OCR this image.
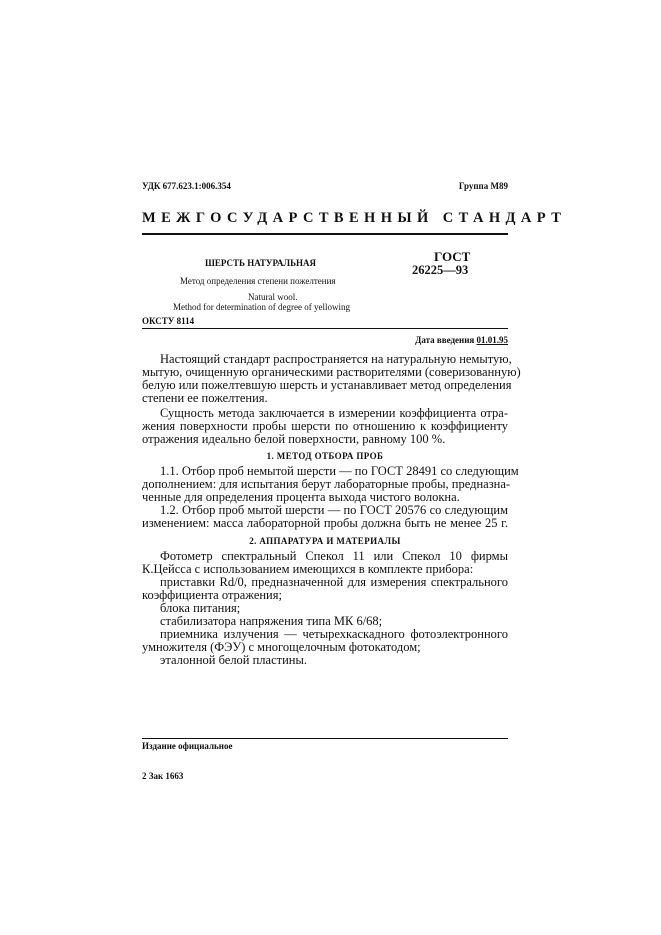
УДК 677.623.1:006.354	Группа М89
МЕЖГОСУДАРСТВЕННЫЙ СТАНДАРТ
ШЕРСТЬ НАТУРАЛЬНАЯ
Метод определения степени пожелтения
Natural wool.
Method for determination of degree of yellowing
ОКСТУ 8114
ГОСТ
26225—93
Дата введения 01.01.95
Настоящий стандарт распространяется на натуральную немытую,
мытую, очищенную органическими растворителями (соверизованную)
белую или пожелтевшую шерсть и устанавливает метод определения
степени ее пожелтения.
Сущность метода заключается в измерении коэффициента отра-
жения поверхности пробы шерсти по отношению к коэффициенту
отражения идеально белой поверхности, равному 100 %.
1. МЕТОД ОТБОРА ПРОБ
1.1. Отбор проб немытой шерсти — по ГОСТ 28491 со следующим
дополнением: для испытания берут лабораторные пробы, предназна-
ченные для определения процента выхода чистого волокна.
1.2. Отбор проб мытой шерсти — по ГОСТ 20576 со следующим
изменением: масса лабораторной пробы должна быть не менее 25 г.
2. АППАРАТУРА И МАТЕРИАЛЫ
Фотометр спектральный Спекол 11 или Спекол 10 фирмы
К.Цейсса с использованием имеющихся в комплекте прибора:
приставки Rd/0, предназначенной для измерения спектрального
коэффициента отражения;
блока питания;
стабилизатора напряжения типа МК 6/68;
приемника излучения — четырехкаскадного фотоэлектронного
умножителя (ФЭУ) с многощелочным фотокатодом;
эталонной белой пластины.
Издание официальное
2 Зак 1663
